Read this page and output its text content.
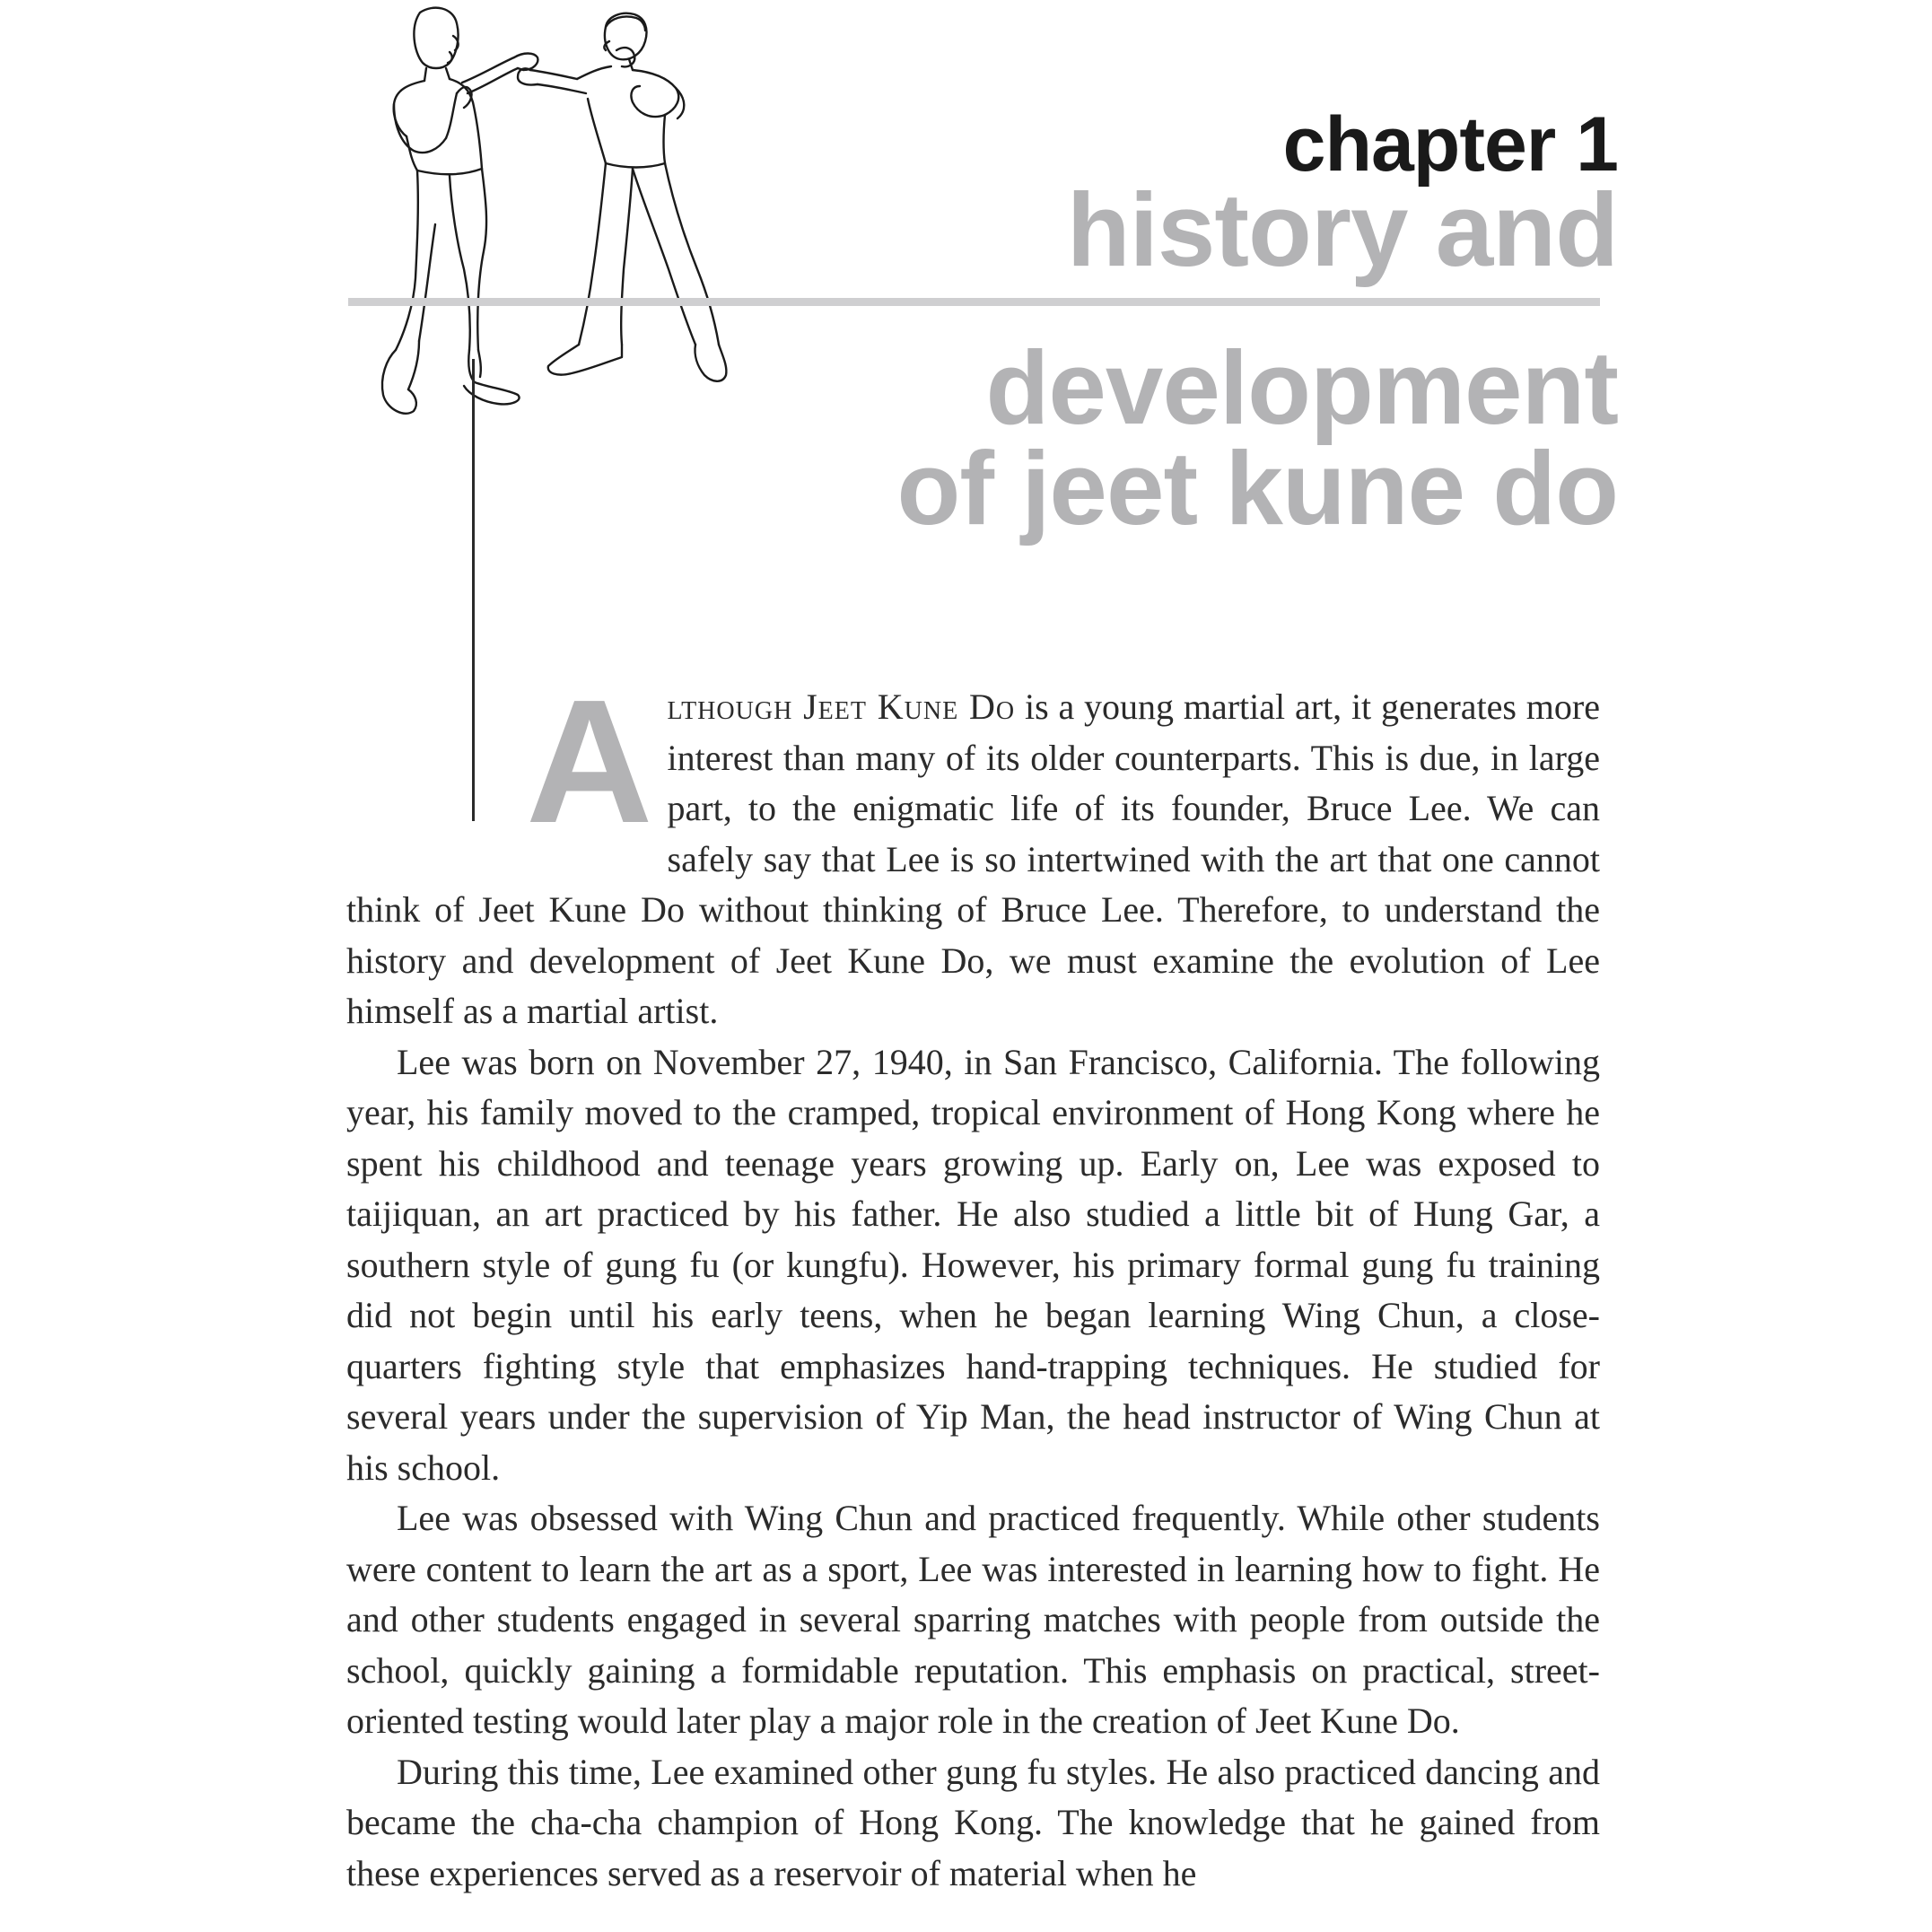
chapter 1
history and
development
of jeet kune do

Although Jeet Kune Do is a young martial art, it generates more interest than many of its older counterparts. This is due, in large part, to the enigmatic life of its founder, Bruce Lee. We can safely say that Lee is so intertwined with the art that one cannot think of Jeet Kune Do without thinking of Bruce Lee. Therefore, to understand the history and development of Jeet Kune Do, we must examine the evolution of Lee himself as a martial artist.

Lee was born on November 27, 1940, in San Francisco, California. The following year, his family moved to the cramped, tropical environment of Hong Kong where he spent his childhood and teenage years growing up. Early on, Lee was exposed to taijiquan, an art practiced by his father. He also studied a little bit of Hung Gar, a southern style of gung fu (or kungfu). However, his primary formal gung fu training did not begin until his early teens, when he began learning Wing Chun, a close-quarters fighting style that emphasizes hand-trapping techniques. He studied for several years under the supervision of Yip Man, the head instructor of Wing Chun at his school.

Lee was obsessed with Wing Chun and practiced frequently. While other students were content to learn the art as a sport, Lee was interested in learning how to fight. He and other students engaged in several sparring matches with people from outside the school, quickly gaining a formidable reputation. This emphasis on practical, street-oriented testing would later play a major role in the creation of Jeet Kune Do.

During this time, Lee examined other gung fu styles. He also practiced dancing and became the cha-cha champion of Hong Kong. The knowledge that he gained from these experiences served as a reservoir of material when he
